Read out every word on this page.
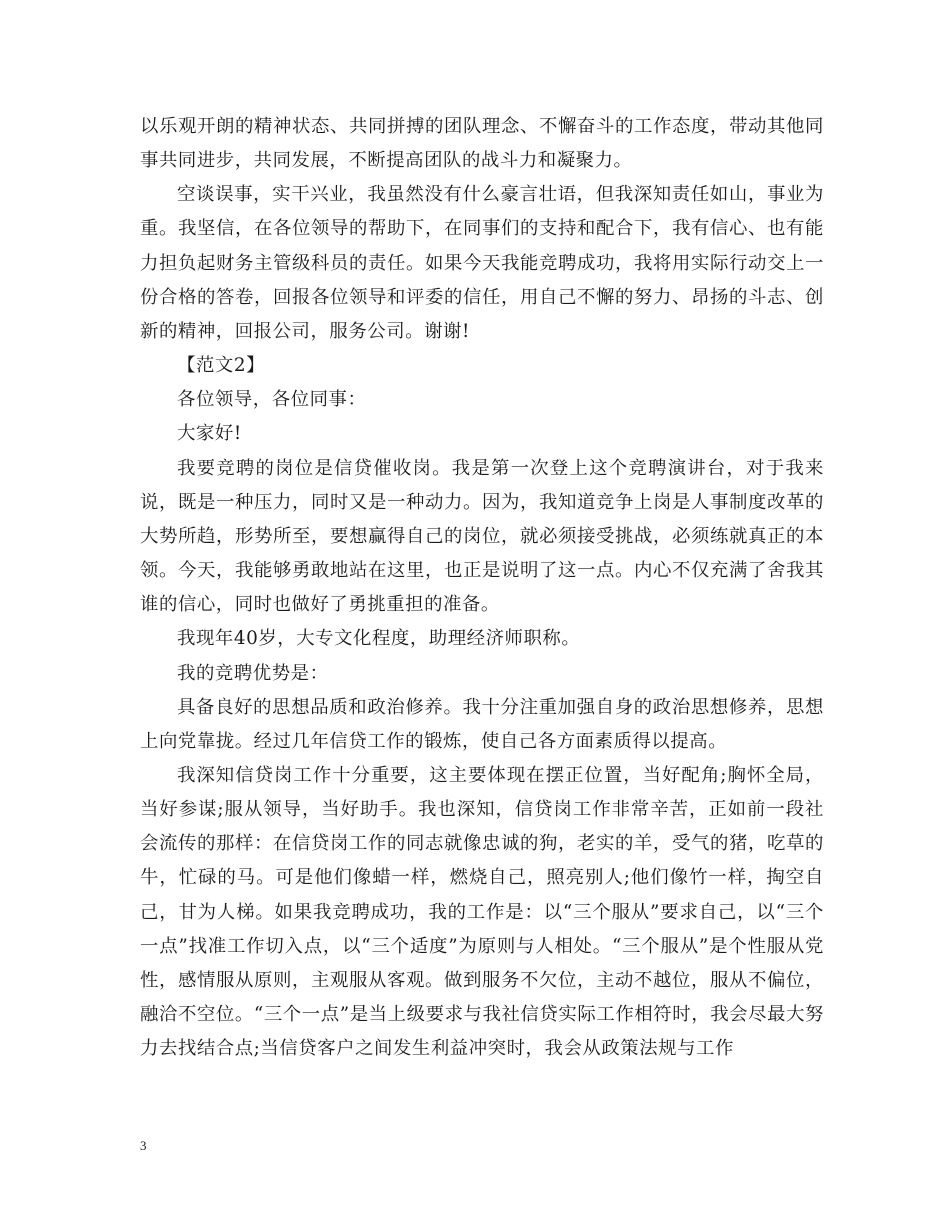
以乐观开朗的精神状态、共同拼搏的团队理念、不懈奋斗的工作态度，带动其他同事共同进步，共同发展，不断提高团队的战斗力和凝聚力。

空谈误事，实干兴业，我虽然没有什么豪言壮语，但我深知责任如山，事业为重。我坚信，在各位领导的帮助下，在同事们的支持和配合下，我有信心、也有能力担负起财务主管级科员的责任。如果今天我能竞聘成功，我将用实际行动交上一份合格的答卷，回报各位领导和评委的信任，用自己不懈的努力、昂扬的斗志、创新的精神，回报公司，服务公司。谢谢!

【范文2】

各位领导，各位同事：

大家好!

我要竞聘的岗位是信贷催收岗。我是第一次登上这个竞聘演讲台，对于我来说，既是一种压力，同时又是一种动力。因为，我知道竞争上岗是人事制度改革的大势所趋，形势所至，要想赢得自己的岗位，就必须接受挑战，必须练就真正的本领。今天，我能够勇敢地站在这里，也正是说明了这一点。内心不仅充满了舍我其谁的信心，同时也做好了勇挑重担的准备。

我现年40岁，大专文化程度，助理经济师职称。

我的竞聘优势是：

具备良好的思想品质和政治修养。我十分注重加强自身的政治思想修养，思想上向党靠拢。经过几年信贷工作的锻炼，使自己各方面素质得以提高。

我深知信贷岗工作十分重要，这主要体现在摆正位置，当好配角;胸怀全局，当好参谋;服从领导，当好助手。我也深知，信贷岗工作非常辛苦，正如前一段社会流传的那样：在信贷岗工作的同志就像忠诚的狗，老实的羊，受气的猪，吃草的牛，忙碌的马。可是他们像蜡一样，燃烧自己，照亮别人;他们像竹一样，掏空自己，甘为人梯。如果我竞聘成功，我的工作是：以“三个服从”要求自己，以“三个一点”找准工作切入点，以“三个适度”为原则与人相处。“三个服从”是个性服从党性，感情服从原则，主观服从客观。做到服务不欠位，主动不越位，服从不偏位，融洽不空位。“三个一点”是当上级要求与我社信贷实际工作相符时，我会尽最大努力去找结合点;当信贷客户之间发生利益冲突时，我会从政策法规与工作

3
